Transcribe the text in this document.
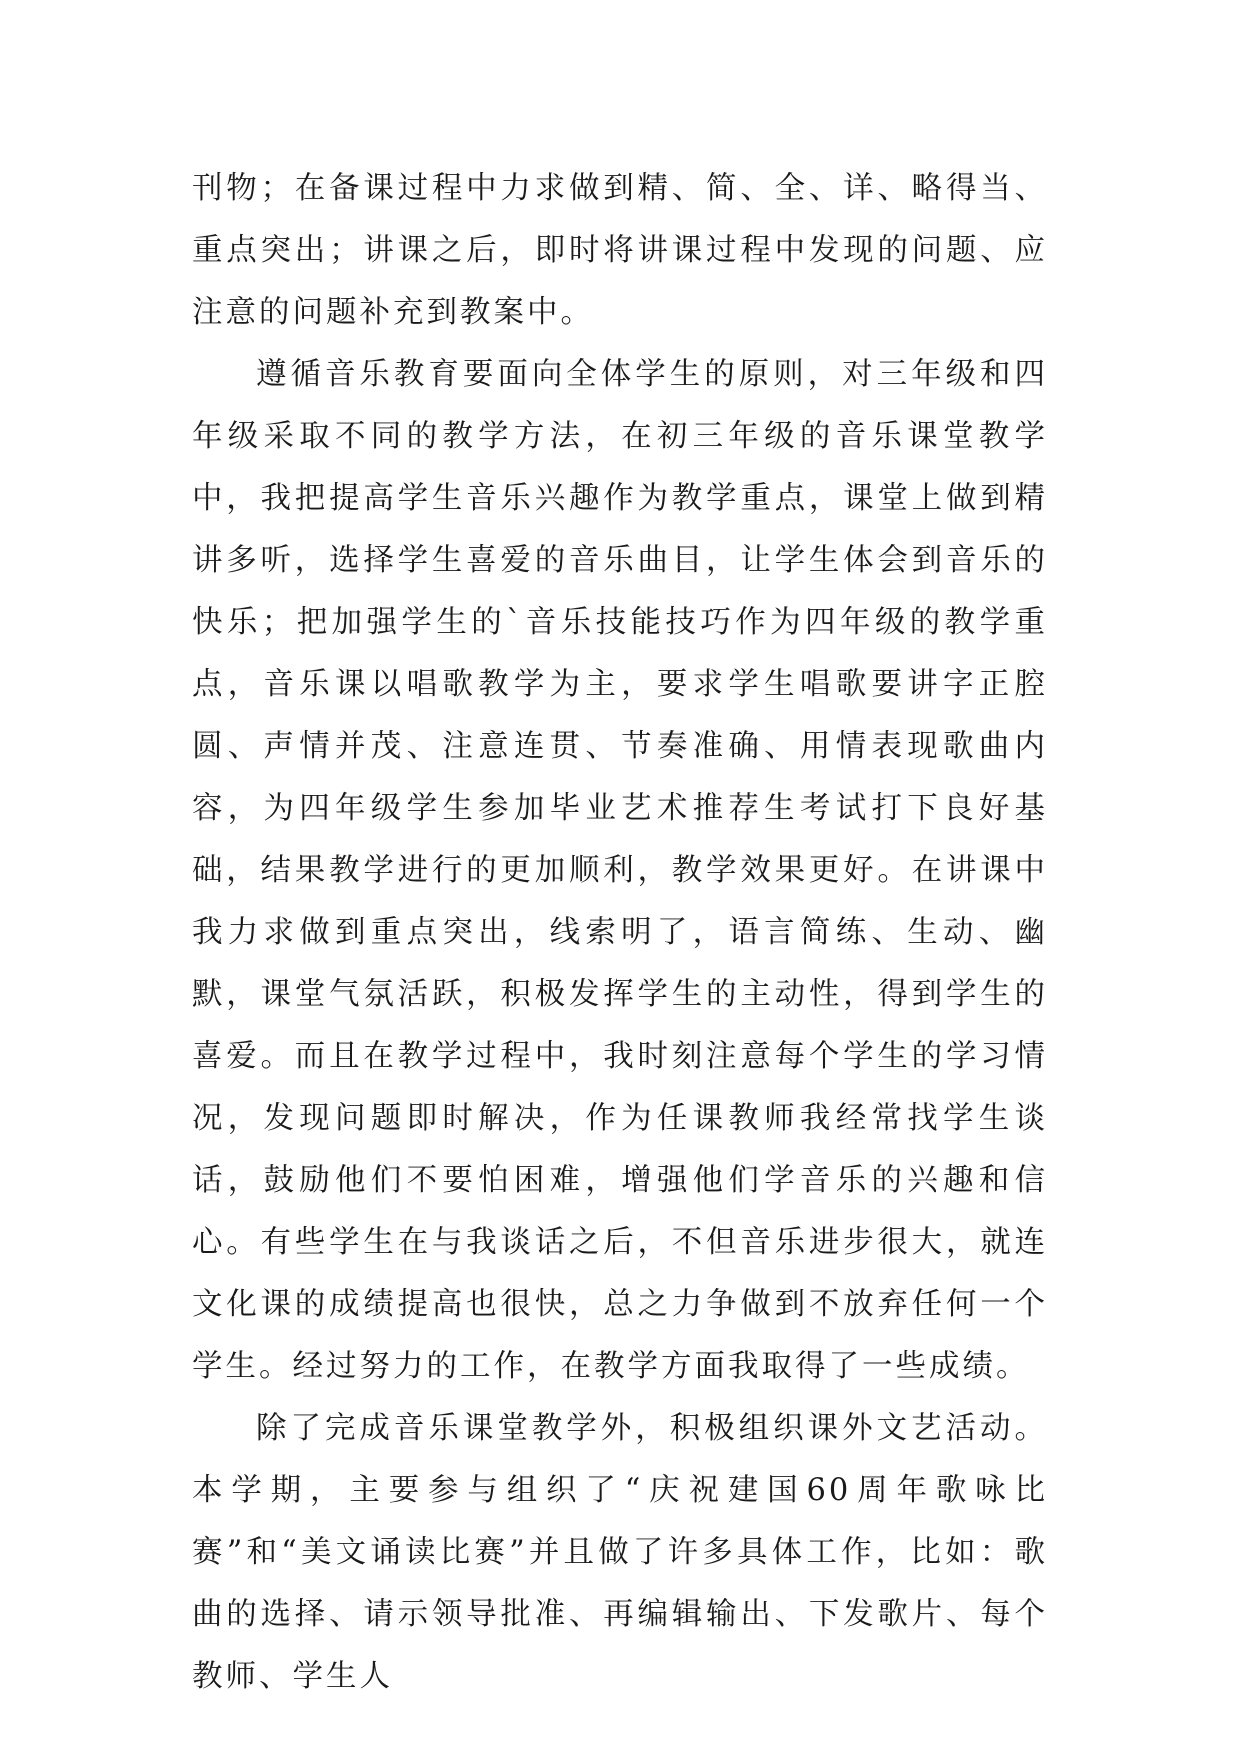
刊物；在备课过程中力求做到精、简、全、详、略得当、重点突出；讲课之后，即时将讲课过程中发现的问题、应注意的问题补充到教案中。

遵循音乐教育要面向全体学生的原则，对三年级和四年级采取不同的教学方法，在初三年级的音乐课堂教学中，我把提高学生音乐兴趣作为教学重点，课堂上做到精讲多听，选择学生喜爱的音乐曲目，让学生体会到音乐的快乐；把加强学生的`音乐技能技巧作为四年级的教学重点，音乐课以唱歌教学为主，要求学生唱歌要讲字正腔圆、声情并茂、注意连贯、节奏准确、用情表现歌曲内容，为四年级学生参加毕业艺术推荐生考试打下良好基础，结果教学进行的更加顺利，教学效果更好。在讲课中我力求做到重点突出，线索明了，语言简练、生动、幽默，课堂气氛活跃，积极发挥学生的主动性，得到学生的喜爱。而且在教学过程中，我时刻注意每个学生的学习情况，发现问题即时解决，作为任课教师我经常找学生谈话，鼓励他们不要怕困难，增强他们学音乐的兴趣和信心。有些学生在与我谈话之后，不但音乐进步很大，就连文化课的成绩提高也很快，总之力争做到不放弃任何一个学生。经过努力的工作，在教学方面我取得了一些成绩。

除了完成音乐课堂教学外，积极组织课外文艺活动。本学期，主要参与组织了“庆祝建国60周年歌咏比赛”和“美文诵读比赛”并且做了许多具体工作，比如：歌曲的选择、请示领导批准、再编辑输出、下发歌片、每个教师、学生人
